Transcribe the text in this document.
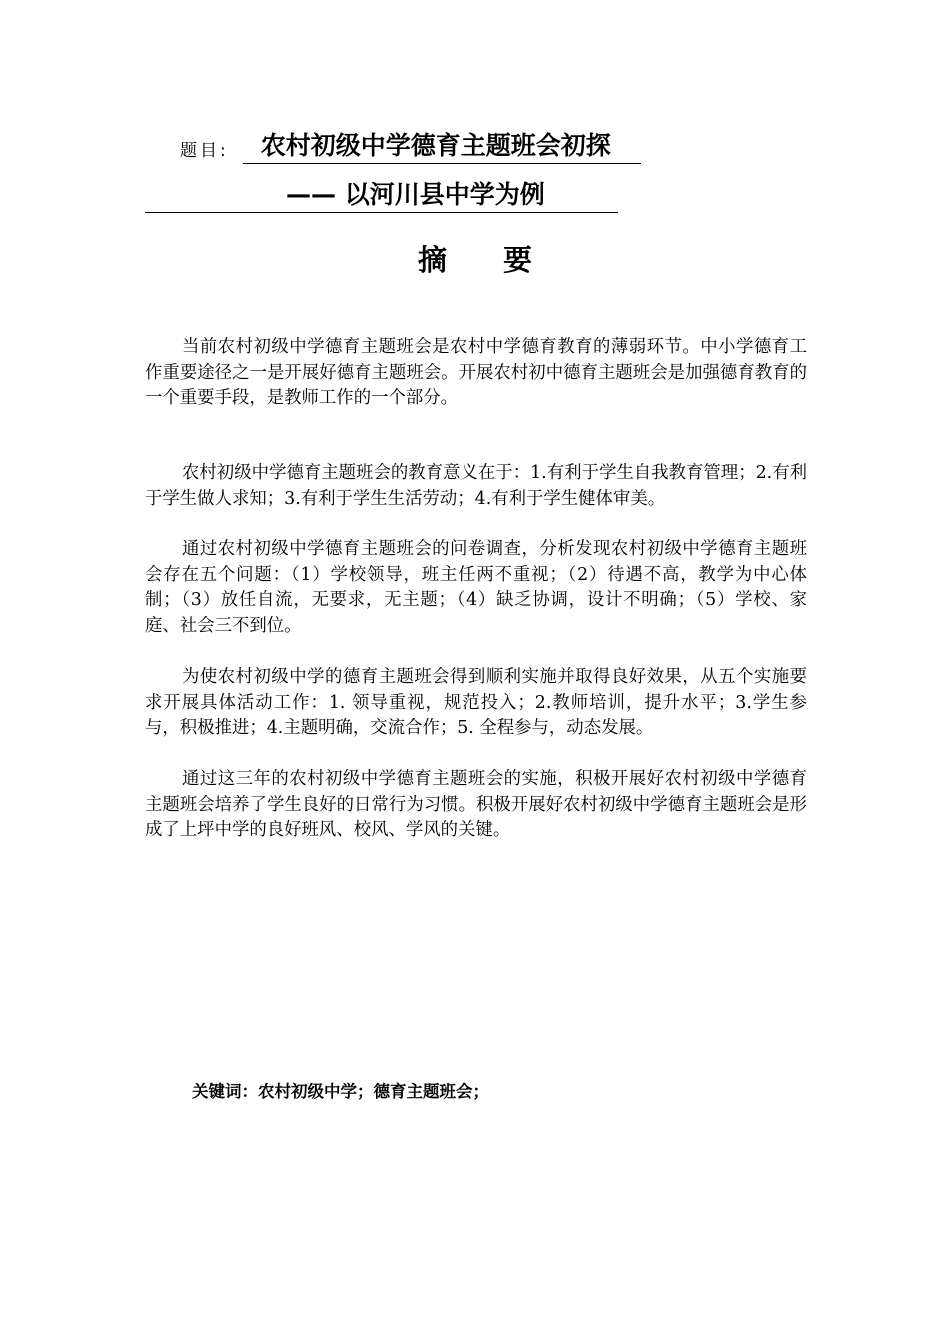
题目:	农村初级中学德育主题班会初探
—— 以河川县中学为例
摘要

当前农村初级中学德育主题班会是农村中学德育教育的薄弱环节。中小学德育工作重要途径之一是开展好德育主题班会。开展农村初中德育主题班会是加强德育教育的一个重要手段，是教师工作的一个部分。

农村初级中学德育主题班会的教育意义在于：1.有利于学生自我教育管理；2.有利于学生做人求知；3.有利于学生生活劳动；4.有利于学生健体审美。

通过农村初级中学德育主题班会的问卷调查，分析发现农村初级中学德育主题班会存在五个问题：（1）学校领导，班主任两不重视；（2）待遇不高，教学为中心体制；（3）放任自流，无要求，无主题；（4）缺乏协调，设计不明确；（5）学校、家庭、社会三不到位。

为使农村初级中学的德育主题班会得到顺利实施并取得良好效果，从五个实施要求开展具体活动工作：1. 领导重视，规范投入；2.教师培训，提升水平；3.学生参与，积极推进；4.主题明确，交流合作；5. 全程参与，动态发展。

通过这三年的农村初级中学德育主题班会的实施，积极开展好农村初级中学德育主题班会培养了学生良好的日常行为习惯。积极开展好农村初级中学德育主题班会是形成了上坪中学的良好班风、校风、学风的关键。

关键词：农村初级中学；德育主题班会；
